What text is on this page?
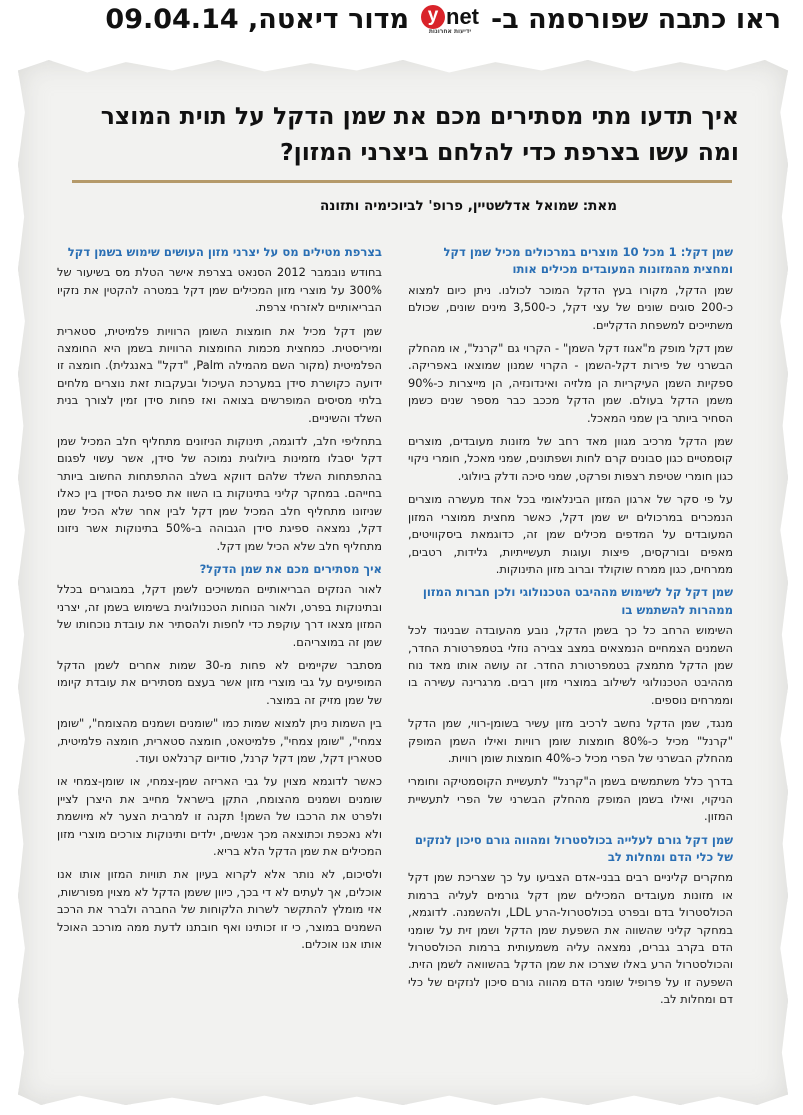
ראו כתבה שפורסמה ב-
y net
ידיעות אחרונות
מדור דיאטה, 09.04.14
איך תדעו מתי מסתירים מכם את שמן הדקל על תוית המוצר ומה עשו בצרפת כדי להלחם ביצרני המזון?
מאת: שמואל אדלשטיין, פרופ' לביוכימיה ותזונה
שמן דקל: 1 מכל 10 מוצרים במרכולים מכיל שמן דקל ומחצית מהמזונות המעובדים מכילים אותו

שמן הדקל, מקורו בעץ הדקל המוכר לכולנו. ניתן כיום למצוא כ-200 סוגים שונים של עצי דקל, כ-3,500 מינים שונים, שכולם משתייכים למשפחת הדקליים.

שמן דקל מופק מ"אגוז דקל השמן" - הקרוי גם "קרנל", או מהחלק הבשרני של פירות דקל-השמן - הקרוי שמנון שמוצאו באפריקה. ספקיות השמן העיקריות הן מלזיה ואינדונזיה, הן מייצרות כ-90% משמן הדקל בעולם. שמן הדקל מככב כבר מספר שנים כשמן הסחיר ביותר בין שמני המאכל.

שמן הדקל מרכיב מגוון מאד רחב של מזונות מעובדים, מוצרים קוסמטיים כגון סבונים קרם לחות ושפתונים, שמני מאכל, חומרי ניקוי כגון חומרי שטיפת רצפות ופרקט, שמני סיכה ודלק ביולוגי.

על פי סקר של ארגון המזון הבינלאומי בכל אחד מעשרה מוצרים הנמכרים במרכולים יש שמן דקל, כאשר מחצית ממוצרי המזון המעובדים על המדפים מכילים שמן זה, כדוגמאת ביסקוויטים, מאפים ובורקסים, פיצות ועוגות תעשייתיות, גלידות, רטבים, ממרחים, כגון ממרח שוקולד וברוב מזון התינוקות.

שמן דקל קל לשימוש מההיבט הטכנולוגי ולכן חברות המזון ממהרות להשתמש בו

השימוש הרחב כל כך בשמן הדקל, נובע מהעובדה שבניגוד לכל השמנים הצמחיים הנמצאים במצב צבירה נוזלי בטמפרטורת החדר, שמן הדקל מתמצק בטמפרטורת החדר. זה עושה אותו מאד נוח מההיבט הטכנולוגי לשילוב במוצרי מזון רבים. מרגרינה עשירה בו וממרחים נוספים.

מנגד, שמן הדקל נחשב לרכיב מזון עשיר בשומן-רווי, שמן הדקל "קרנל" מכיל כ-80% חומצות שומן רוויות ואילו השמן המופק מהחלק הבשרני של הפרי מכיל כ-40% חומצות שומן רוויות.

בדרך כלל משתמשים בשמן ה"קרנל" לתעשיית הקוסמטיקה וחומרי הניקוי, ואילו בשמן המופק מהחלק הבשרני של הפרי לתעשיית המזון.

שמן דקל גורם לעלייה בכולסטרול ומהווה גורם סיכון לנזקים של כלי הדם ומחלות לב

מחקרים קליניים רבים בבני-אדם הצביעו על כך שצריכת שמן דקל או מזונות מעובדים המכילים שמן דקל גורמים לעליה ברמות הכולסטרול בדם ובפרט בכולסטרול-הרע LDL, ולהשמנה. לדוגמא, במחקר קליני שהשווה את השפעת שמן הדקל ושמן זית על שומני הדם בקרב גברים, נמצאה עליה משמעותית ברמות הכולסטרול והכולסטרול הרע באלו שצרכו את שמן הדקל בהשוואה לשמן הזית. השפעה זו על פרופיל שומני הדם מהווה גורם סיכון לנזקים של כלי דם ומחלות לב.

בצרפת מטילים מס על יצרני מזון העושים שימוש בשמן דקל

בחודש נובמבר 2012 הסנאט בצרפת אישר הטלת מס בשיעור של 300% על מוצרי מזון המכילים שמן דקל במטרה להקטין את נזקיו הבריאותיים לאזרחי צרפת.

שמן דקל מכיל את חומצות השומן הרוויות פלמיטית, סטארית ומיריסטית. כמחצית מכמות החומצות הרוויות בשמן היא החומצה הפלמיטית (מקור השם מהמילה Palm, "דקל" באנגלית). חומצה זו ידועה כקושרת סידן במערכת העיכול ובעקבות זאת נוצרים מלחים בלתי מסיסים המופרשים בצואה ואז פחות סידן זמין לצורך בנית השלד והשיניים.

בתחליפי חלב, לדוגמה, תינוקות הניזונים מתחליף חלב המכיל שמן דקל יסבלו מזמינות ביולוגית נמוכה של סידן, אשר עשוי לפגום בהתפתחות השלד שלהם דווקא בשלב ההתפתחות החשוב ביותר בחייהם. במחקר קליני בתינוקות בו השוו את ספיגת הסידן בין כאלו שניזונו מתחליף חלב המכיל שמן דקל לבין אחר שלא הכיל שמן דקל, נמצאה ספיגת סידן הגבוהה ב-50% בתינוקות אשר ניזונו מתחליף חלב שלא הכיל שמן דקל.

איך מסתירים מכם את שמן הדקל?

לאור הנזקים הבריאותיים המשויכים לשמן דקל, במבוגרים בכלל ובתינוקות בפרט, ולאור הנוחות הטכנולוגית בשימוש בשמן זה, יצרני המזון מצאו דרך עוקפת כדי לחפות ולהסתיר את עובדת נוכחותו של שמן זה במוצריהם.

מסתבר שקיימים לא פחות מ-30 שמות אחרים לשמן הדקל המופיעים על גבי מוצרי מזון אשר בעצם מסתירים את עובדת קיומו של שמן מזיק זה במוצר.

בין השמות ניתן למצוא שמות כמו "שומנים ושמנים מהצומח", "שומן צמחי", "שומן צמחי", פלמיטאט, חומצה סטארית, חומצה פלמיטית, סטארין דקל, שמן דקל קרנל, סודיום קרנלאט ועוד.

כאשר לדוגמא מצוין על גבי האריזה שמן-צמחי, או שומן-צמחי או שומנים ושמנים מהצומח, התקן בישראל מחייב את היצרן לציין ולפרט את הרכבו של השמן! תקנה זו למרבית הצער לא מיושמת ולא נאכפת וכתוצאה מכך אנשים, ילדים ותינוקות צורכים מוצרי מזון המכילים את שמן הדקל הלא בריא.

ולסיכום, לא נותר אלא לקרוא בעיון את תוויות המזון אותו אנו אוכלים, אך לעתים לא די בכך, כיוון ששמן הדקל לא מצוין מפורשות, אזי מומלץ להתקשר לשרות הלקוחות של החברה ולברר את הרכב השמנים במוצר, כי זו זכותינו ואף חובתנו לדעת ממה מורכב האוכל אותו אנו אוכלים.
